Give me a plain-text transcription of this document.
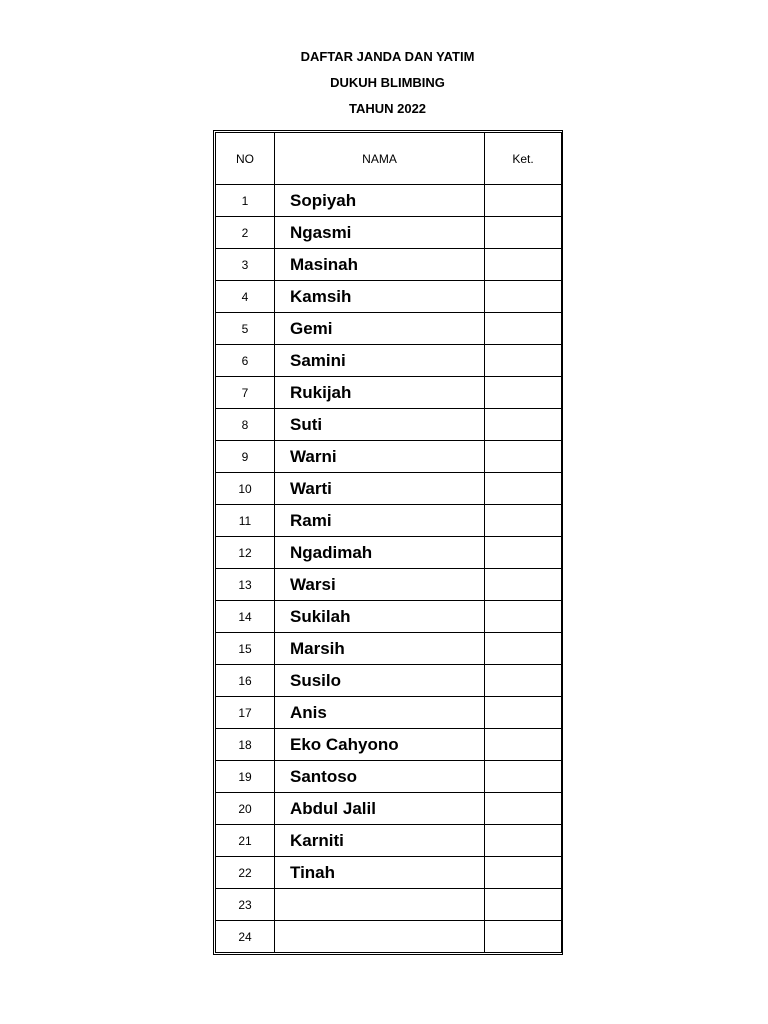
DAFTAR JANDA DAN YATIM
DUKUH BLIMBING
TAHUN 2022
NO	NAMA	Ket.
1	Sopiyah	
2	Ngasmi	
3	Masinah	
4	Kamsih	
5	Gemi	
6	Samini	
7	Rukijah	
8	Suti	
9	Warni	
10	Warti	
11	Rami	
12	Ngadimah	
13	Warsi	
14	Sukilah	
15	Marsih	
16	Susilo	
17	Anis	
18	Eko Cahyono	
19	Santoso	
20	Abdul Jalil	
21	Karniti	
22	Tinah	
23		
24		
